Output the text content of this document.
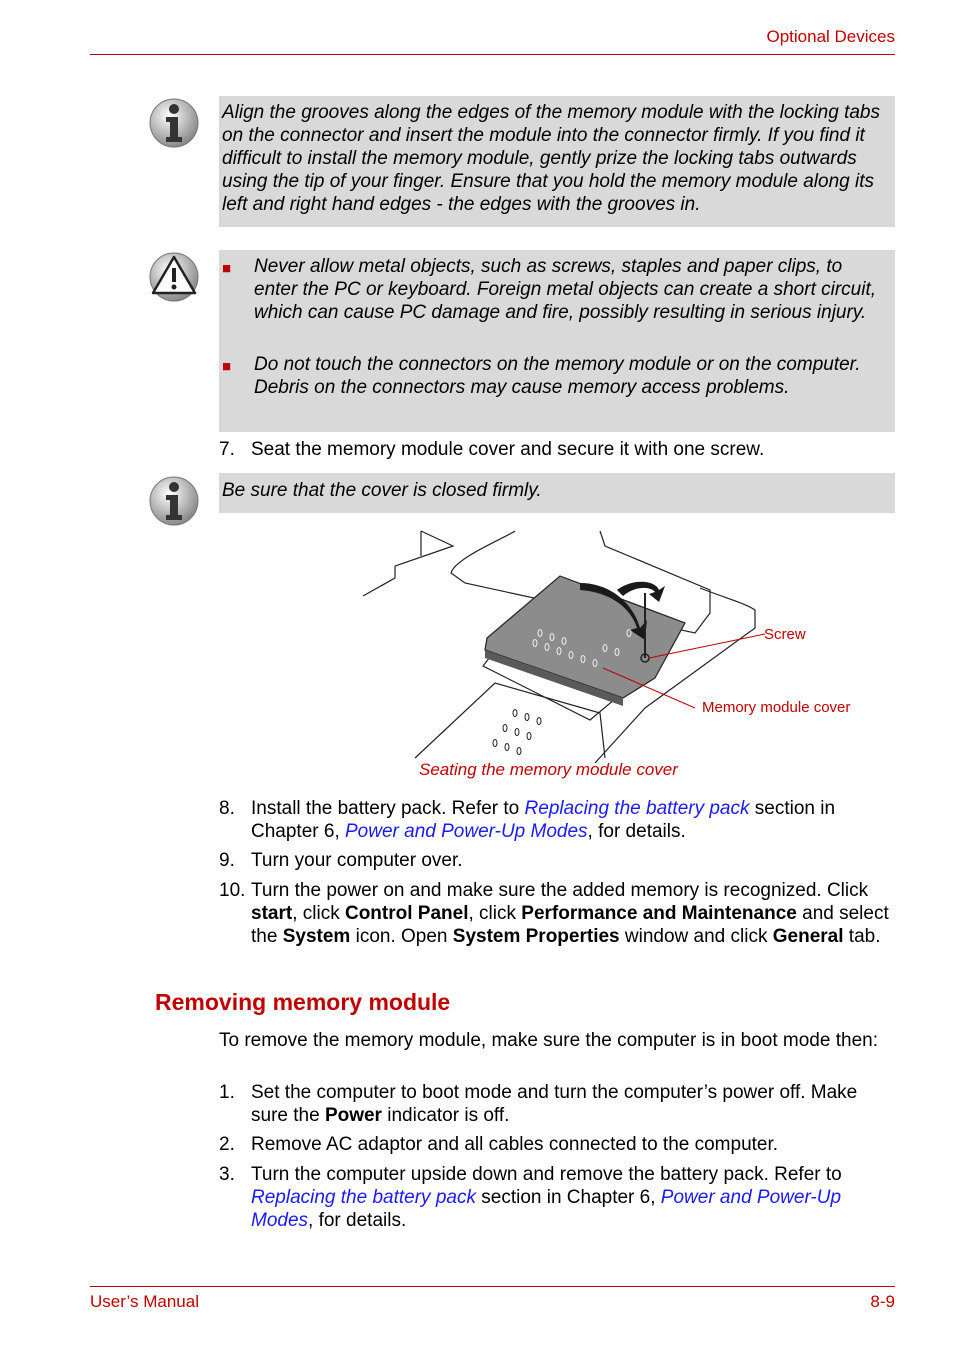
Optional Devices
Align the grooves along the edges of the memory module with the locking tabs on the connector and insert the module into the connector firmly. If you find it difficult to install the memory module, gently prize the locking tabs outwards using the tip of your finger. Ensure that you hold the memory module along its left and right hand edges - the edges with the grooves in.
■ Never allow metal objects, such as screws, staples and paper clips, to enter the PC or keyboard. Foreign metal objects can create a short circuit, which can cause PC damage and fire, possibly resulting in serious injury.
■ Do not touch the connectors on the memory module or on the computer. Debris on the connectors may cause memory access problems.
7. Seat the memory module cover and secure it with one screw.
Be sure that the cover is closed firmly.
Screw
Memory module cover
Seating the memory module cover
8. Install the battery pack. Refer to Replacing the battery pack section in Chapter 6, Power and Power-Up Modes, for details.
9. Turn your computer over.
10. Turn the power on and make sure the added memory is recognized. Click start, click Control Panel, click Performance and Maintenance and select the System icon. Open System Properties window and click General tab.
Removing memory module
To remove the memory module, make sure the computer is in boot mode then:
1. Set the computer to boot mode and turn the computer’s power off. Make sure the Power indicator is off.
2. Remove AC adaptor and all cables connected to the computer.
3. Turn the computer upside down and remove the battery pack. Refer to Replacing the battery pack section in Chapter 6, Power and Power-Up Modes, for details.
User’s Manual	8-9
